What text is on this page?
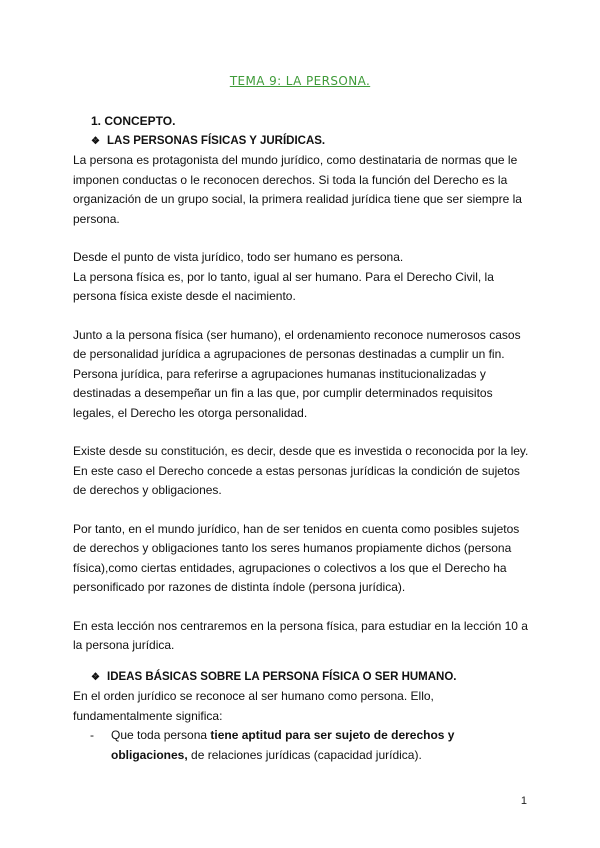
TEMA 9: LA PERSONA.

1. CONCEPTO.

❖ LAS PERSONAS FÍSICAS Y JURÍDICAS.

La persona es protagonista del mundo jurídico, como destinataria de normas que le imponen conductas o le reconocen derechos. Si toda la función del Derecho es la organización de un grupo social, la primera realidad jurídica tiene que ser siempre la persona.

Desde el punto de vista jurídico, todo ser humano es persona.

La persona física es, por lo tanto, igual al ser humano. Para el Derecho Civil, la persona física existe desde el nacimiento.

Junto a la persona física (ser humano), el ordenamiento reconoce numerosos casos de personalidad jurídica a agrupaciones de personas destinadas a cumplir un fin. Persona jurídica, para referirse a agrupaciones humanas institucionalizadas y destinadas a desempeñar un fin a las que, por cumplir determinados requisitos legales, el Derecho les otorga personalidad.

Existe desde su constitución, es decir, desde que es investida o reconocida por la ley. En este caso el Derecho concede a estas personas jurídicas la condición de sujetos de derechos y obligaciones.

Por tanto, en el mundo jurídico, han de ser tenidos en cuenta como posibles sujetos de derechos y obligaciones tanto los seres humanos propiamente dichos (persona física),como ciertas entidades, agrupaciones o colectivos a los que el Derecho ha personificado por razones de distinta índole (persona jurídica).

En esta lección nos centraremos en la persona física, para estudiar en la lección 10 a la persona jurídica.

❖ IDEAS BÁSICAS SOBRE LA PERSONA FÍSICA O SER HUMANO.

En el orden jurídico se reconoce al ser humano como persona. Ello, fundamentalmente significa:

- Que toda persona tiene aptitud para ser sujeto de derechos y obligaciones, de relaciones jurídicas (capacidad jurídica).
1
